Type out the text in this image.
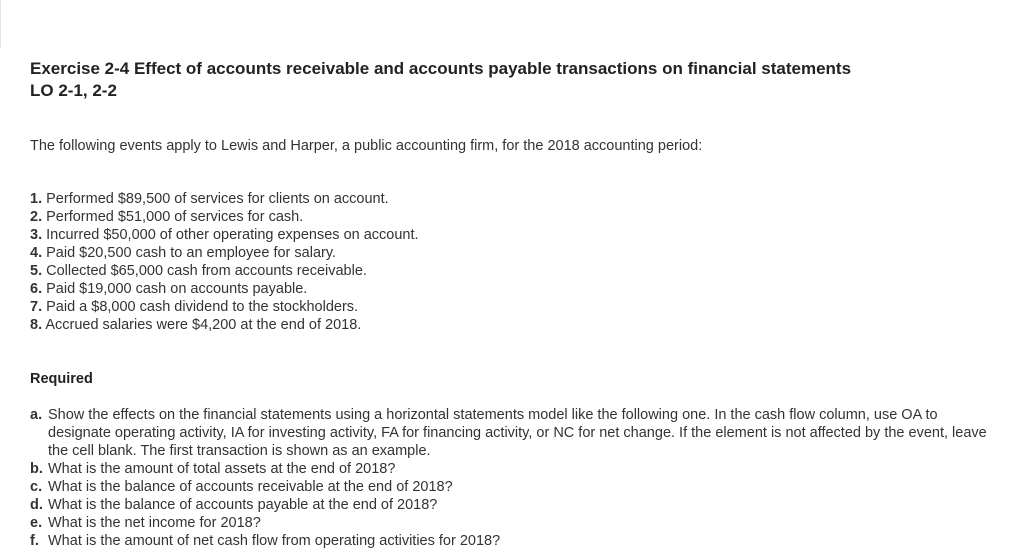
Exercise 2-4 Effect of accounts receivable and accounts payable transactions on financial statements
LO 2-1, 2-2

The following events apply to Lewis and Harper, a public accounting firm, for the 2018 accounting period:

1. Performed $89,500 of services for clients on account.
2. Performed $51,000 of services for cash.
3. Incurred $50,000 of other operating expenses on account.
4. Paid $20,500 cash to an employee for salary.
5. Collected $65,000 cash from accounts receivable.
6. Paid $19,000 cash on accounts payable.
7. Paid a $8,000 cash dividend to the stockholders.
8. Accrued salaries were $4,200 at the end of 2018.
Required
a. Show the effects on the financial statements using a horizontal statements model like the following one. In the cash flow column, use OA to designate operating activity, IA for investing activity, FA for financing activity, or NC for net change. If the element is not affected by the event, leave the cell blank. The first transaction is shown as an example.
b. What is the amount of total assets at the end of 2018?
c. What is the balance of accounts receivable at the end of 2018?
d. What is the balance of accounts payable at the end of 2018?
e. What is the net income for 2018?
f. What is the amount of net cash flow from operating activities for 2018?
